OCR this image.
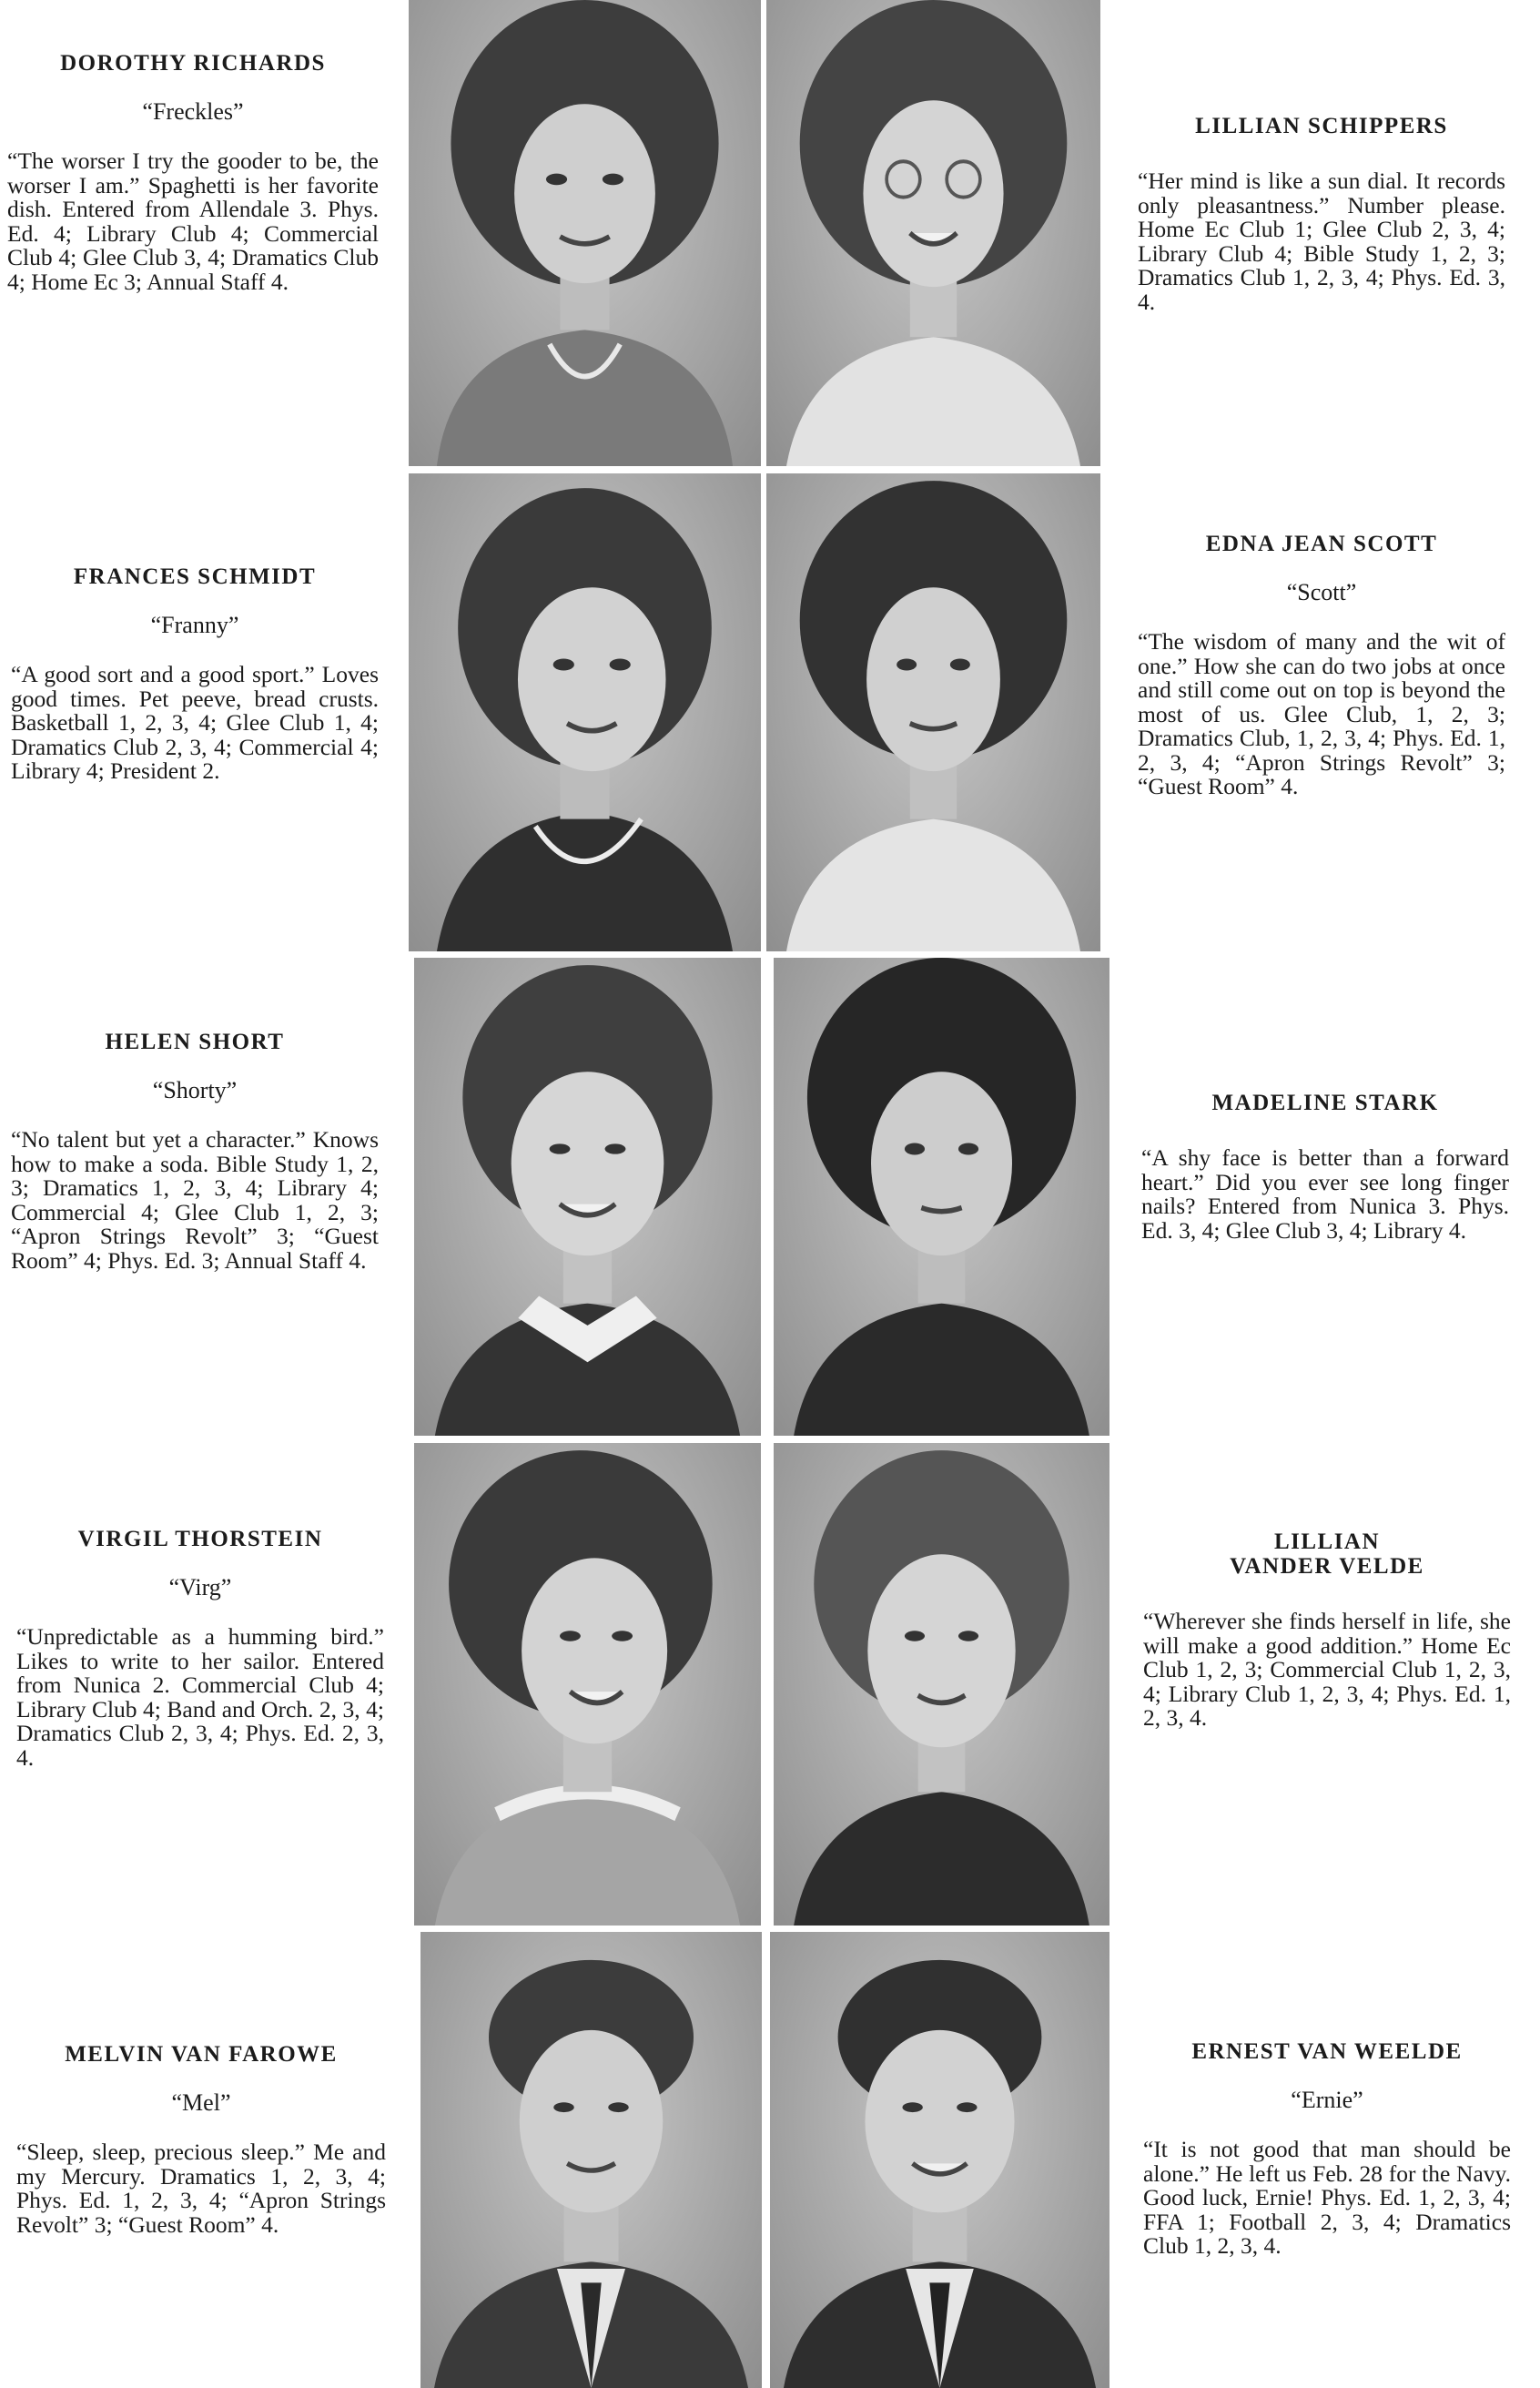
DOROTHY RICHARDS
“Freckles”
“The worser I try the gooder to be, the worser I am.” Spaghetti is her favorite dish. Entered from Allendale 3. Phys. Ed. 4; Library Club 4; Commercial Club 4; Glee Club 3, 4; Dramatics Club 4; Home Ec 3; Annual Staff 4.
FRANCES SCHMIDT
“Franny”
“A good sort and a good sport.” Loves good times. Pet peeve, bread crusts. Basketball 1, 2, 3, 4; Glee Club 1, 4; Dramatics Club 2, 3, 4; Commercial 4; Library 4; President 2.
HELEN SHORT
“Shorty”
“No talent but yet a character.” Knows how to make a soda. Bible Study 1, 2, 3; Dramatics 1, 2, 3, 4; Library 4; Commercial 4; Glee Club 1, 2, 3; “Apron Strings Revolt” 3; “Guest Room” 4; Phys. Ed. 3; Annual Staff 4.
VIRGIL THORSTEIN
“Virg”
“Unpredictable as a humming bird.” Likes to write to her sailor. Entered from Nunica 2. Commercial Club 4; Library Club 4; Band and Orch. 2, 3, 4; Dramatics Club 2, 3, 4; Phys. Ed. 2, 3, 4.
MELVIN VAN FAROWE
“Mel”
“Sleep, sleep, precious sleep.” Me and my Mercury. Dramatics 1, 2, 3, 4; Phys. Ed. 1, 2, 3, 4; “Apron Strings Revolt” 3; “Guest Room” 4.
LILLIAN SCHIPPERS
“Her mind is like a sun dial. It records only pleasantness.” Number please. Home Ec Club 1; Glee Club 2, 3, 4; Library Club 4; Bible Study 1, 2, 3; Dramatics Club 1, 2, 3, 4; Phys. Ed. 3, 4.
EDNA JEAN SCOTT
“Scott”
“The wisdom of many and the wit of one.” How she can do two jobs at once and still come out on top is beyond the most of us. Glee Club, 1, 2, 3; Dramatics Club, 1, 2, 3, 4; Phys. Ed. 1, 2, 3, 4; “Apron Strings Revolt” 3; “Guest Room” 4.
MADELINE STARK
“A shy face is better than a forward heart.” Did you ever see long finger nails? Entered from Nunica 3. Phys. Ed. 3, 4; Glee Club 3, 4; Library 4.
LILLIAN
VANDER VELDE
“Wherever she finds herself in life, she will make a good addition.” Home Ec Club 1, 2, 3; Commercial Club 1, 2, 3, 4; Library Club 1, 2, 3, 4; Phys. Ed. 1, 2, 3, 4.
ERNEST VAN WEELDE
“Ernie”
“It is not good that man should be alone.” He left us Feb. 28 for the Navy. Good luck, Ernie! Phys. Ed. 1, 2, 3, 4; FFA 1; Football 2, 3, 4; Dramatics Club 1, 2, 3, 4.
